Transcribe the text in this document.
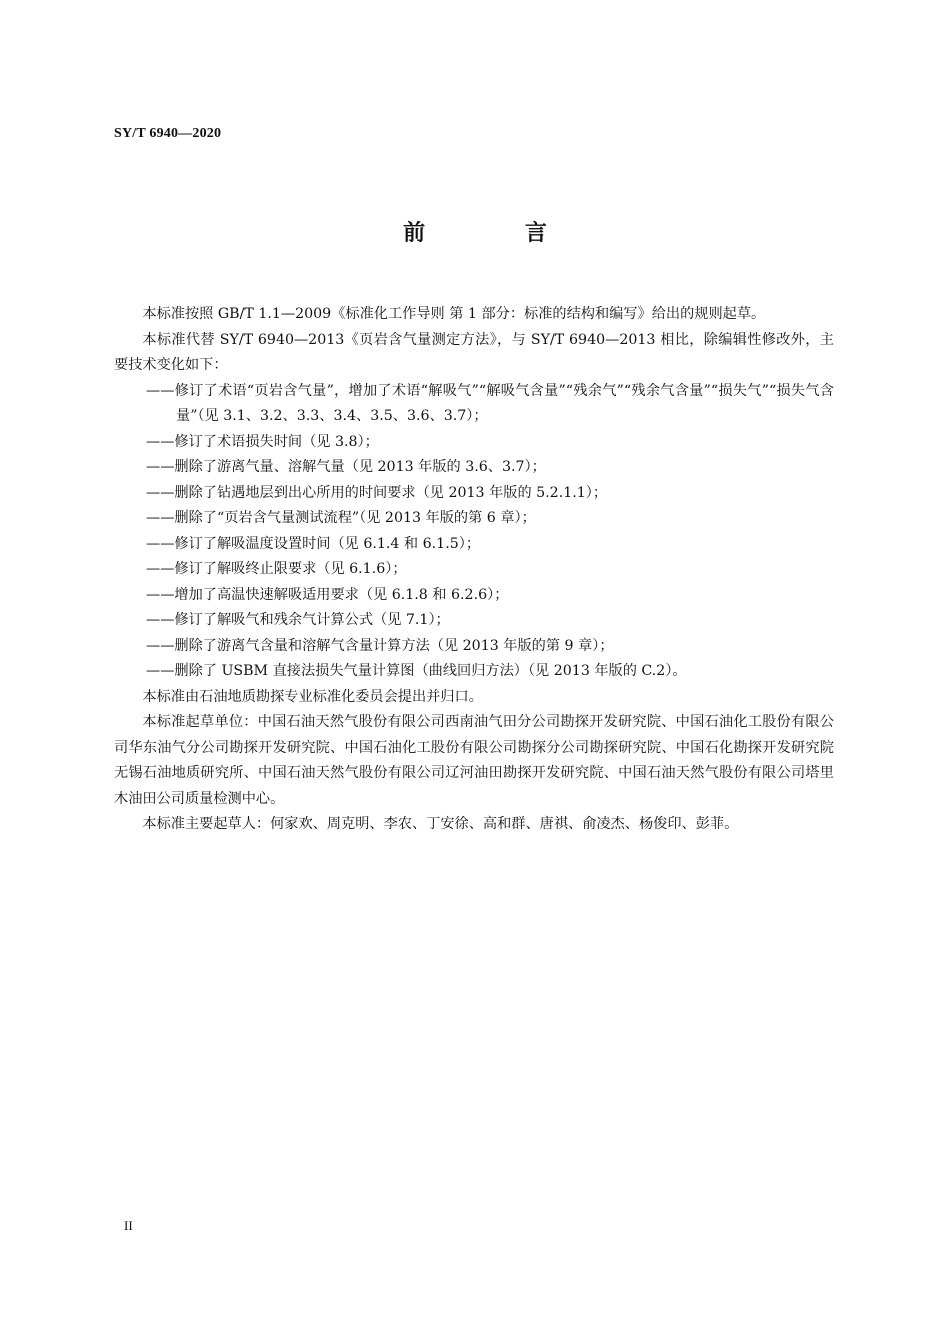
SY/T 6940—2020
前 言

本标准按照 GB/T 1.1—2009《标准化工作导则 第 1 部分：标准的结构和编写》给出的规则起草。

本标准代替 SY/T 6940—2013《页岩含气量测定方法》，与 SY/T 6940—2013 相比，除编辑性修改外，主要技术变化如下：

——修订了术语“页岩含气量”，增加了术语“解吸气”“解吸气含量”“残余气”“残余气含量”“损失气”“损失气含量”（见 3.1、3.2、3.3、3.4、3.5、3.6、3.7）；

——修订了术语损失时间（见 3.8）；

——删除了游离气量、溶解气量（见 2013 年版的 3.6、3.7）；

——删除了钻遇地层到出心所用的时间要求（见 2013 年版的 5.2.1.1）；

——删除了“页岩含气量测试流程”（见 2013 年版的第 6 章）；

——修订了解吸温度设置时间（见 6.1.4 和 6.1.5）；

——修订了解吸终止限要求（见 6.1.6）；

——增加了高温快速解吸适用要求（见 6.1.8 和 6.2.6）；

——修订了解吸气和残余气计算公式（见 7.1）；

——删除了游离气含量和溶解气含量计算方法（见 2013 年版的第 9 章）；

——删除了 USBM 直接法损失气量计算图（曲线回归方法）（见 2013 年版的 C.2）。

本标准由石油地质勘探专业标准化委员会提出并归口。

本标准起草单位：中国石油天然气股份有限公司西南油气田分公司勘探开发研究院、中国石油化工股份有限公司华东油气分公司勘探开发研究院、中国石油化工股份有限公司勘探分公司勘探研究院、中国石化勘探开发研究院无锡石油地质研究所、中国石油天然气股份有限公司辽河油田勘探开发研究院、中国石油天然气股份有限公司塔里木油田公司质量检测中心。

本标准主要起草人：何家欢、周克明、李农、丁安徐、高和群、唐祺、俞凌杰、杨俊印、彭菲。

II
